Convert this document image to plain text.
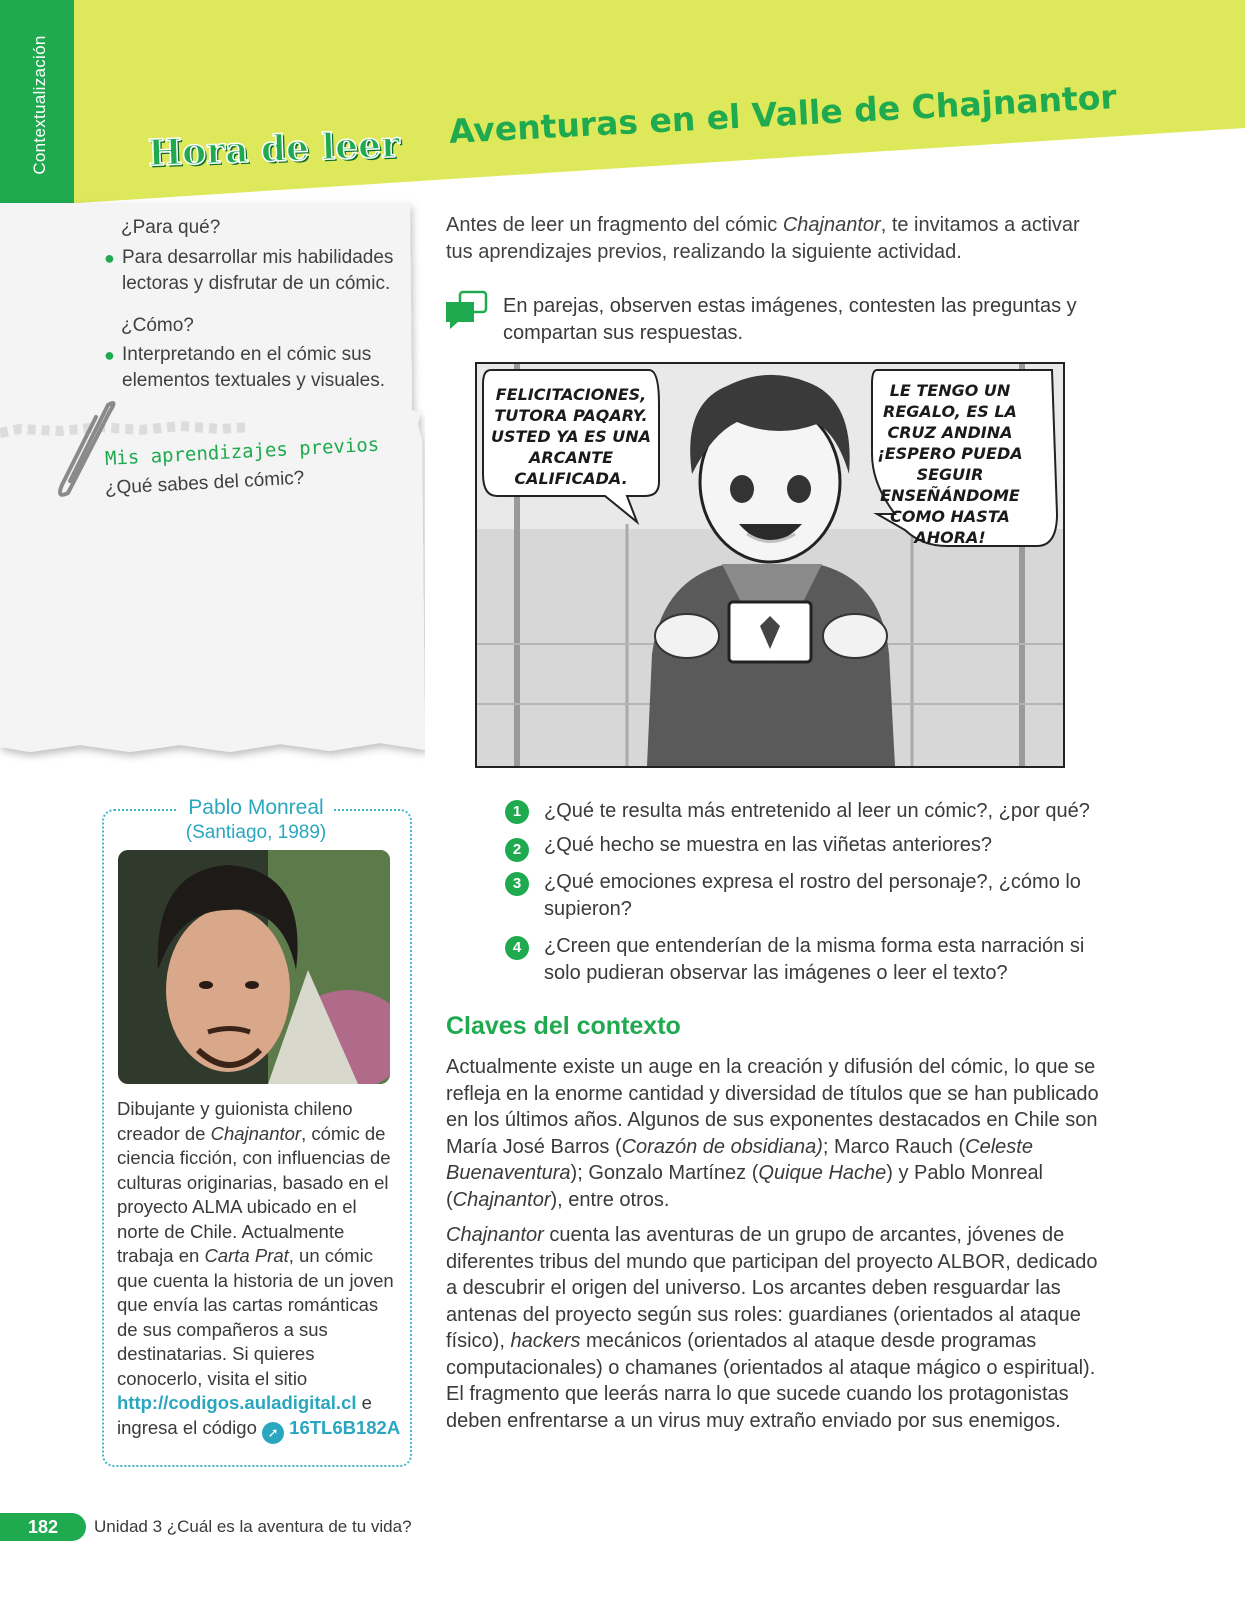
Contextualización	Hora de leer Aventuras en el Valle de Chajnantor
¿Para qué?
● Para desarrollar mis habilidades lectoras y disfrutar de un cómic.
¿Cómo?
● Interpretando en el cómic sus elementos textuales y visuales.
Mis aprendizajes previos
¿Qué sabes del cómic?
Antes de leer un fragmento del cómic Chajnantor, te invitamos a activar tus aprendizajes previos, realizando la siguiente actividad.
En parejas, observen estas imágenes, contesten las preguntas y compartan sus respuestas.
FELICITACIONES, TUTORA PAQARY. USTED YA ES UNA ARCANTE CALIFICADA.
LE TENGO UN REGALO, ES LA CRUZ ANDINA ¡ESPERO PUEDA SEGUIR ENSEÑÁNDOME COMO HASTA AHORA!
1	¿Qué te resulta más entretenido al leer un cómic?, ¿por qué?
2	¿Qué hecho se muestra en las viñetas anteriores?
3	¿Qué emociones expresa el rostro del personaje?, ¿cómo lo supieron?
4	¿Creen que entenderían de la misma forma esta narración si solo pudieran observar las imágenes o leer el texto?
Claves del contexto
Actualmente existe un auge en la creación y difusión del cómic, lo que se refleja en la enorme cantidad y diversidad de títulos que se han publicado en los últimos años. Algunos de sus exponentes destacados en Chile son María José Barros (Corazón de obsidiana); Marco Rauch (Celeste Buenaventura); Gonzalo Martínez (Quique Hache) y Pablo Monreal (Chajnantor), entre otros.
Chajnantor cuenta las aventuras de un grupo de arcantes, jóvenes de diferentes tribus del mundo que participan del proyecto ALBOR, dedicado a descubrir el origen del universo. Los arcantes deben resguardar las antenas del proyecto según sus roles: guardianes (orientados al ataque físico), hackers mecánicos (orientados al ataque desde programas computacionales) o chamanes (orientados al ataque mágico o espiritual). El fragmento que leerás narra lo que sucede cuando los protagonistas deben enfrentarse a un virus muy extraño enviado por sus enemigos.
Pablo Monreal
(Santiago, 1989)
Dibujante y guionista chileno creador de Chajnantor, cómic de ciencia ficción, con influencias de culturas originarias, basado en el proyecto ALMA ubicado en el norte de Chile. Actualmente trabaja en Carta Prat, un cómic que cuenta la historia de un joven que envía las cartas románticas de sus compañeros a sus destinatarias. Si quieres conocerlo, visita el sitio http://codigos.auladigital.cl e ingresa el código ➚ 16TL6B182A
182	Unidad 3 ¿Cuál es la aventura de tu vida?
